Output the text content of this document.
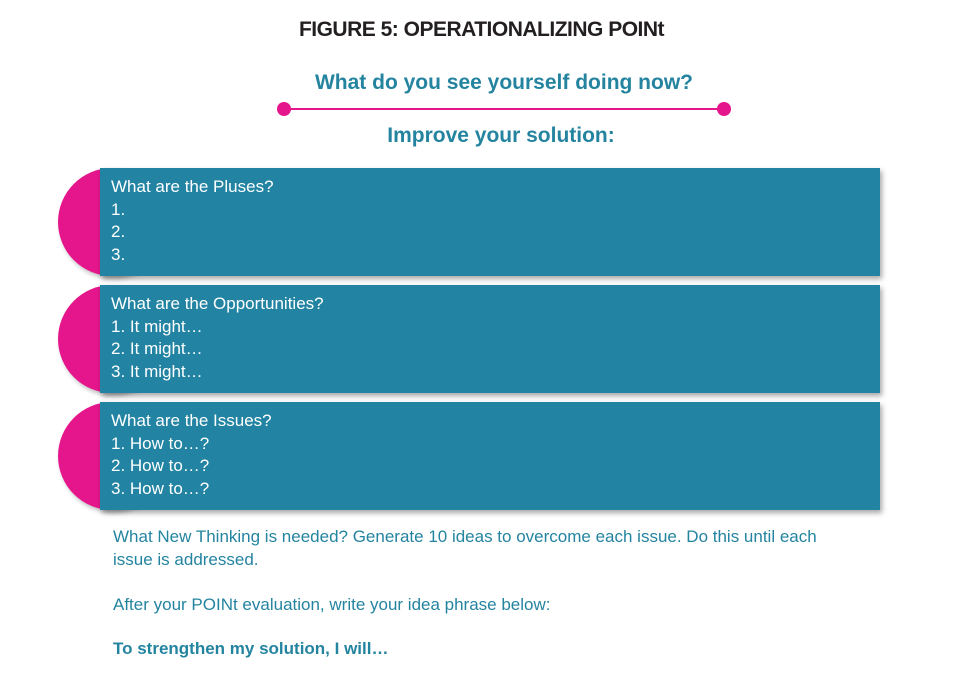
FIGURE 5: OPERATIONALIZING POINt
What do you see yourself doing now?
Improve your solution:
What are the Pluses?
1.
2.
3.
What are the Opportunities?
1. It might…
2. It might…
3. It might…
What are the Issues?
1. How to…?
2. How to…?
3. How to…?
What New Thinking is needed? Generate 10 ideas to overcome each issue. Do this until each issue is addressed.
After your POINt evaluation, write your idea phrase below:
To strengthen my solution, I will…
